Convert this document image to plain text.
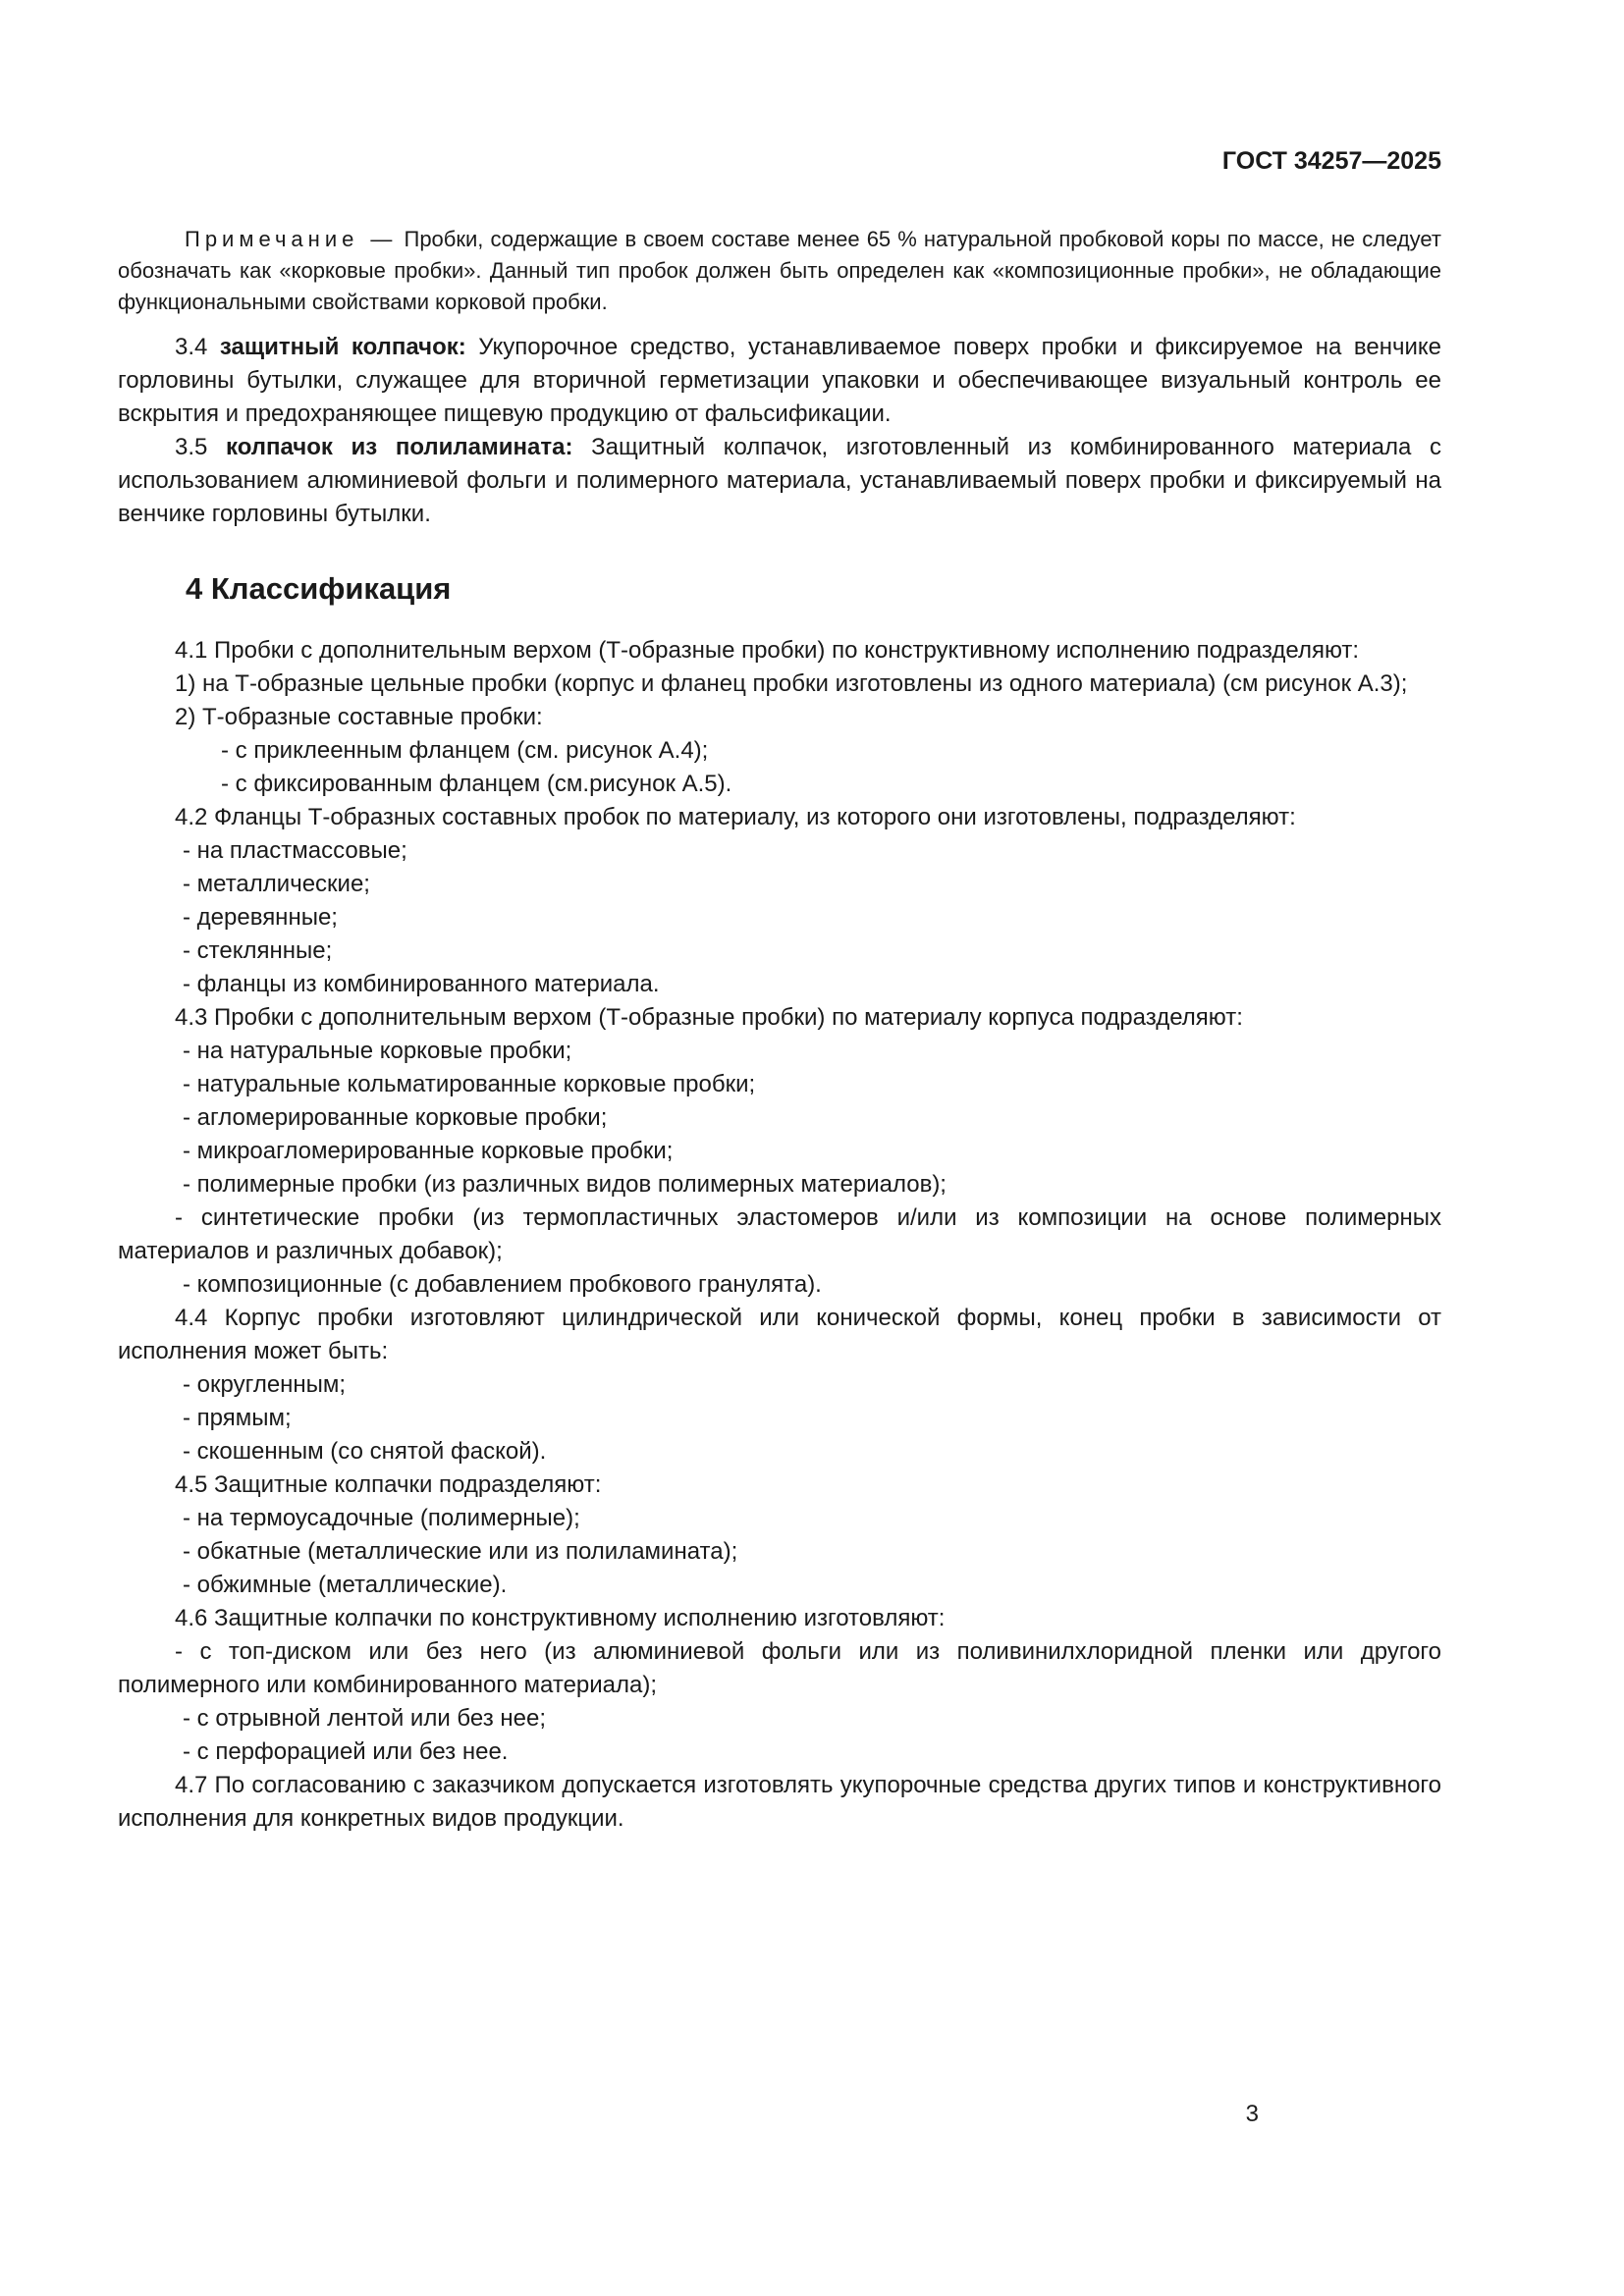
ГОСТ 34257—2025
Примечание — Пробки, содержащие в своем составе менее 65 % натуральной пробковой коры по массе, не следует обозначать как «корковые пробки». Данный тип пробок должен быть определен как «композиционные пробки», не обладающие функциональными свойствами корковой пробки.

3.4 защитный колпачок: Укупорочное средство, устанавливаемое поверх пробки и фиксируемое на венчике горловины бутылки, служащее для вторичной герметизации упаковки и обеспечивающее визуальный контроль ее вскрытия и предохраняющее пищевую продукцию от фальсификации.

3.5 колпачок из полиламината: Защитный колпачок, изготовленный из комбинированного материала с использованием алюминиевой фольги и полимерного материала, устанавливаемый поверх пробки и фиксируемый на венчике горловины бутылки.

4 Классификация

4.1 Пробки с дополнительным верхом (Т-образные пробки) по конструктивному исполнению подразделяют:

1) на Т-образные цельные пробки (корпус и фланец пробки изготовлены из одного материала) (см рисунок А.3);

2) Т-образные составные пробки:

- с приклеенным фланцем (см. рисунок А.4);

- с фиксированным фланцем (см.рисунок А.5).

4.2 Фланцы Т-образных составных пробок по материалу, из которого они изготовлены, подразделяют:

- на пластмассовые;

- металлические;

- деревянные;

- стеклянные;

- фланцы из комбинированного материала.

4.3 Пробки с дополнительным верхом (Т-образные пробки) по материалу корпуса подразделяют:

- на натуральные корковые пробки;

- натуральные кольматированные корковые пробки;

- агломерированные корковые пробки;

- микроагломерированные корковые пробки;

- полимерные пробки (из различных видов полимерных материалов);

- синтетические пробки (из термопластичных эластомеров и/или из композиции на основе полимерных материалов и различных добавок);

- композиционные (с добавлением пробкового гранулята).

4.4 Корпус пробки изготовляют цилиндрической или конической формы, конец пробки в зависимости от исполнения может быть:

- округленным;

- прямым;

- скошенным (со снятой фаской).

4.5 Защитные колпачки подразделяют:

- на термоусадочные (полимерные);

- обкатные (металлические или из полиламината);

- обжимные (металлические).

4.6 Защитные колпачки по конструктивному исполнению изготовляют:

- с топ-диском или без него (из алюминиевой фольги или из поливинилхлоридной пленки или другого полимерного или комбинированного материала);

- с отрывной лентой или без нее;

- с перфорацией или без нее.

4.7 По согласованию с заказчиком допускается изготовлять укупорочные средства других типов и конструктивного исполнения для конкретных видов продукции.

3
